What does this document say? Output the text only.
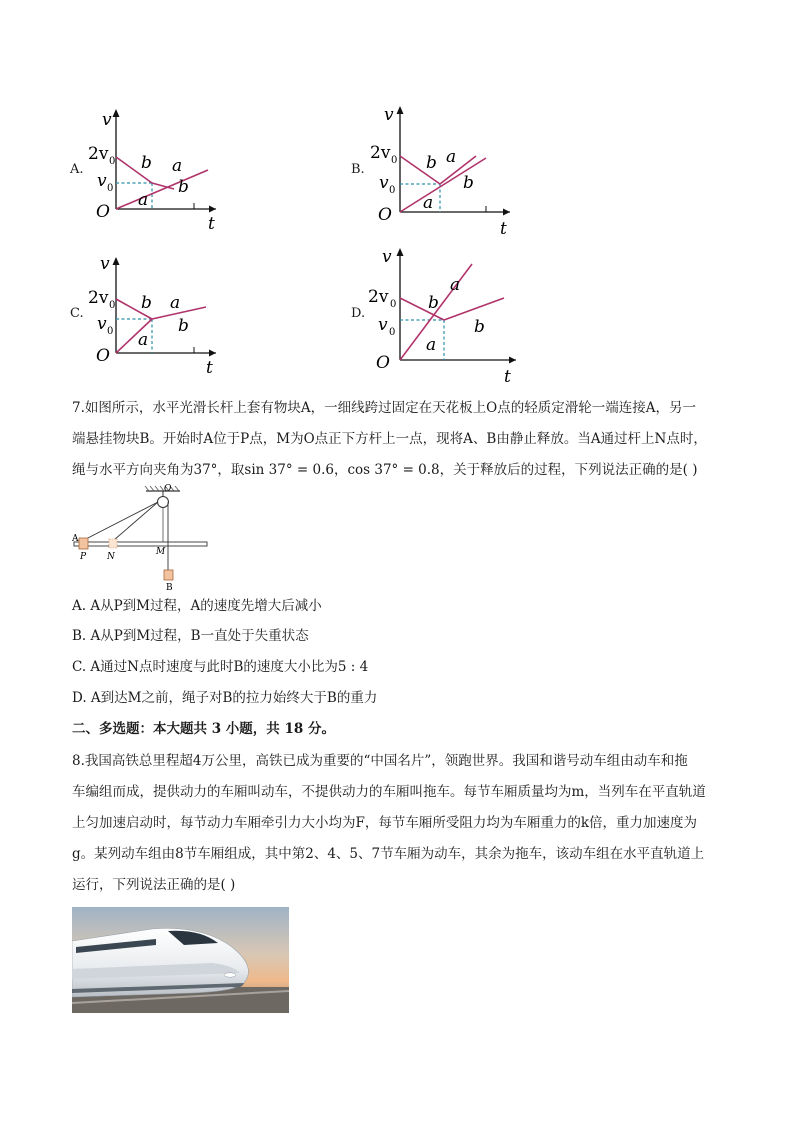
A.
v
t
O
2v 0
v 0
b a
b
a
B.
v
t
O
2v 0
v 0
b a
b
a
C.
v
t
O
2v 0
v 0
b a
b
a
D.
v
t
O
2v 0
v 0
b
a
b
a
7.如图所示，水平光滑长杆上套有物块A，一细线跨过固定在天花板上O点的轻质定滑轮一端连接A，另一
端悬挂物块B。开始时A位于P点，M为O点正下方杆上一点，现将A、B由静止释放。当A通过杆上N点时，
绳与水平方向夹角为37°，取sin 37° = 0.6，cos 37° = 0.8，关于释放后的过程，下列说法正确的是( )
O
A
P N	M
B
A. A从P到M过程，A的速度先增大后减小
B. A从P到M过程，B一直处于失重状态
C. A通过N点时速度与此时B的速度大小比为5 : 4
D. A到达M之前，绳子对B的拉力始终大于B的重力
二、多选题：本大题共 3 小题，共 18 分。
8.我国高铁总里程超4万公里，高铁已成为重要的“中国名片”，领跑世界。我国和谐号动车组由动车和拖
车编组而成，提供动力的车厢叫动车，不提供动力的车厢叫拖车。每节车厢质量均为m，当列车在平直轨道
上匀加速启动时，每节动力车厢牵引力大小均为F，每节车厢所受阻力均为车厢重力的k倍，重力加速度为
g。某列动车组由8节车厢组成，其中第2、4、5、7节车厢为动车，其余为拖车，该动车组在水平直轨道上
运行，下列说法正确的是( )
